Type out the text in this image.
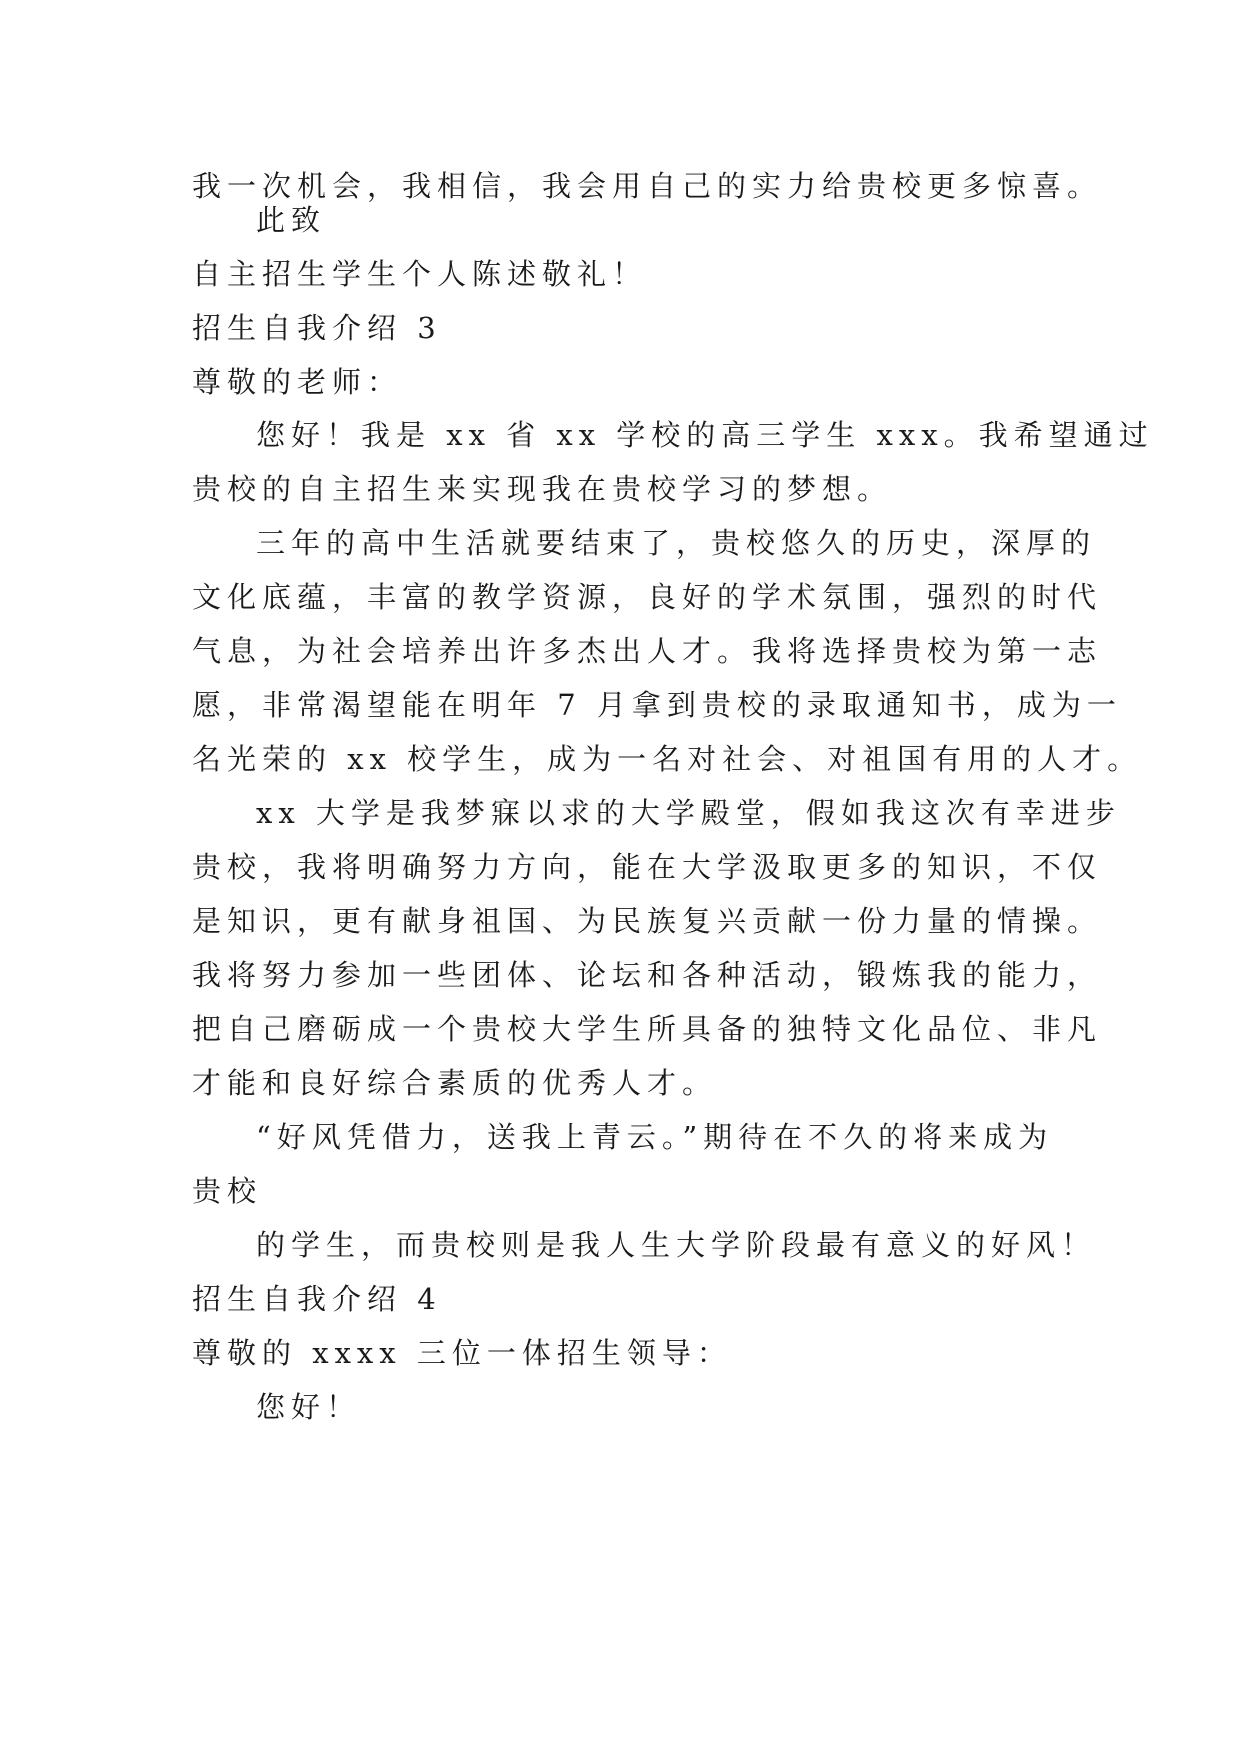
我一次机会，我相信，我会用自己的实力给贵校更多惊喜。
此致
自主招生学生个人陈述敬礼！
招生自我介绍 3
尊敬的老师：
您好！我是 xx 省 xx 学校的高三学生 xxx。我希望通过
贵校的自主招生来实现我在贵校学习的梦想。
三年的高中生活就要结束了，贵校悠久的历史，深厚的
文化底蕴，丰富的教学资源，良好的学术氛围，强烈的时代
气息，为社会培养出许多杰出人才。我将选择贵校为第一志
愿，非常渴望能在明年 7 月拿到贵校的录取通知书，成为一
名光荣的 xx 校学生，成为一名对社会、对祖国有用的人才。
xx 大学是我梦寐以求的大学殿堂，假如我这次有幸进步
贵校，我将明确努力方向，能在大学汲取更多的知识，不仅
是知识，更有献身祖国、为民族复兴贡献一份力量的情操。
我将努力参加一些团体、论坛和各种活动，锻炼我的能力，
把自己磨砺成一个贵校大学生所具备的独特文化品位、非凡
才能和良好综合素质的优秀人才。
“好风凭借力，送我上青云。”期待在不久的将来成为
贵校
的学生，而贵校则是我人生大学阶段最有意义的好风！
招生自我介绍 4
尊敬的 xxxx 三位一体招生领导：
您好！
